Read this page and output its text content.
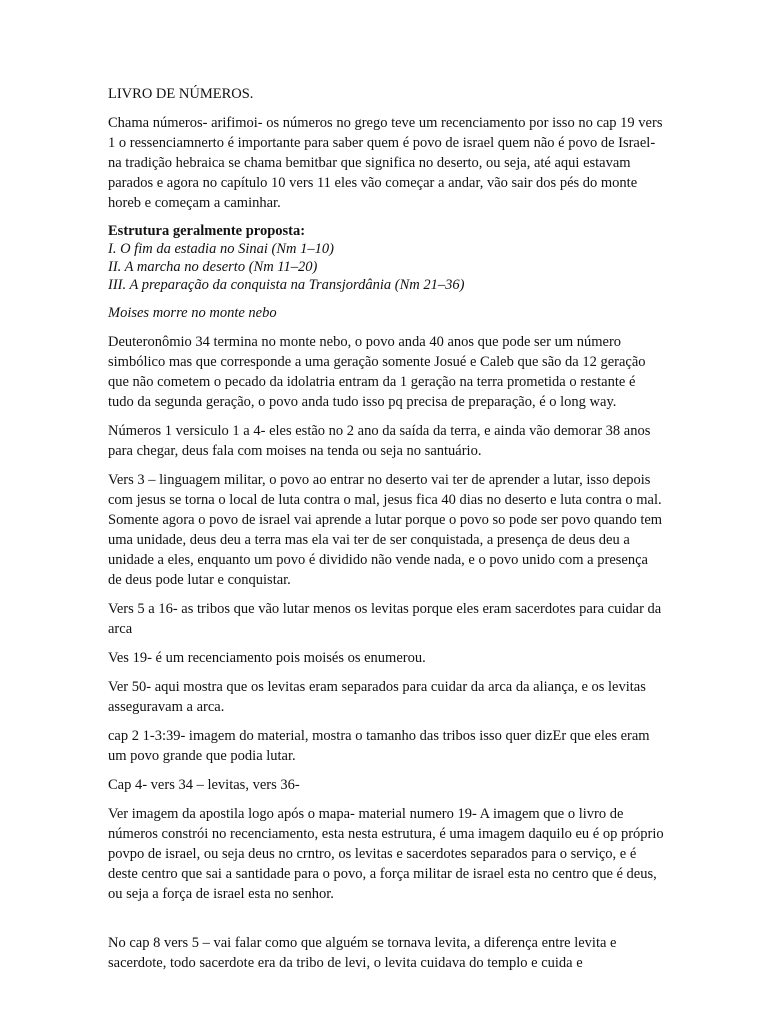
LIVRO DE NÚMEROS.

Chama números- arifimoi- os números no grego teve um recenciamento por isso no cap 19 vers 1 o ressenciamnerto é importante para saber quem é povo de israel quem não é povo de Israel- na tradição hebraica se chama bemitbar que significa no deserto, ou seja, até aqui estavam parados e agora no capítulo 10 vers 11 eles vão começar a andar, vão sair dos pés do monte horeb e começam a caminhar.

Estrutura geralmente proposta:
I. O fim da estadia no Sinai (Nm 1–10)
II. A marcha no deserto (Nm 11–20)
III. A preparação da conquista na Transjordânia (Nm 21–36)

Moises morre no monte nebo

Deuteronômio 34 termina no monte nebo, o povo anda 40 anos que pode ser um número simbólico mas que corresponde a uma geração somente Josué e Caleb que são da 12 geração que não cometem o pecado da idolatria entram da 1 geração na terra prometida o restante é tudo da segunda geração, o povo anda tudo isso pq precisa de preparação, é o long way.

Números 1 versiculo 1 a 4- eles estão no 2 ano da saída da terra, e ainda vão demorar 38 anos para chegar, deus fala com moises na tenda ou seja no santuário.

Vers 3 – linguagem militar, o povo ao entrar no deserto vai ter de aprender a lutar, isso depois com jesus se torna o local de luta contra o mal, jesus fica 40 dias no deserto e luta contra o mal. Somente agora o povo de israel vai aprende a lutar porque o povo so pode ser povo quando tem uma unidade, deus deu a terra mas ela vai ter de ser conquistada, a presença de deus deu a unidade a eles, enquanto um povo é dividido não vende nada, e o povo unido com a presença de deus pode lutar e conquistar.

Vers 5 a 16- as tribos que vão lutar menos os levitas porque eles eram sacerdotes para cuidar da arca

Ves 19- é um recenciamento pois moisés os enumerou.

Ver 50- aqui mostra que os levitas eram separados para cuidar da arca da aliança, e os levitas asseguravam a arca.

cap 2 1-3:39- imagem do material, mostra o tamanho das tribos isso quer dizEr que eles eram um povo grande que podia lutar.

Cap 4- vers 34 – levitas, vers 36-

Ver imagem da apostila logo após o mapa- material numero 19- A imagem que o livro de números constrói no recenciamento, esta nesta estrutura, é uma imagem daquilo eu é op próprio povpo de israel, ou seja deus no crntro, os levitas e sacerdotes separados para o serviço, e é deste centro que sai a santidade para o povo, a força militar de israel esta no centro que é deus, ou seja a força de israel esta no senhor.

No cap 8 vers 5 – vai falar como que alguém se tornava levita, a diferença entre levita e sacerdote, todo sacerdote era da tribo de levi, o levita cuidava do templo e cuida e
